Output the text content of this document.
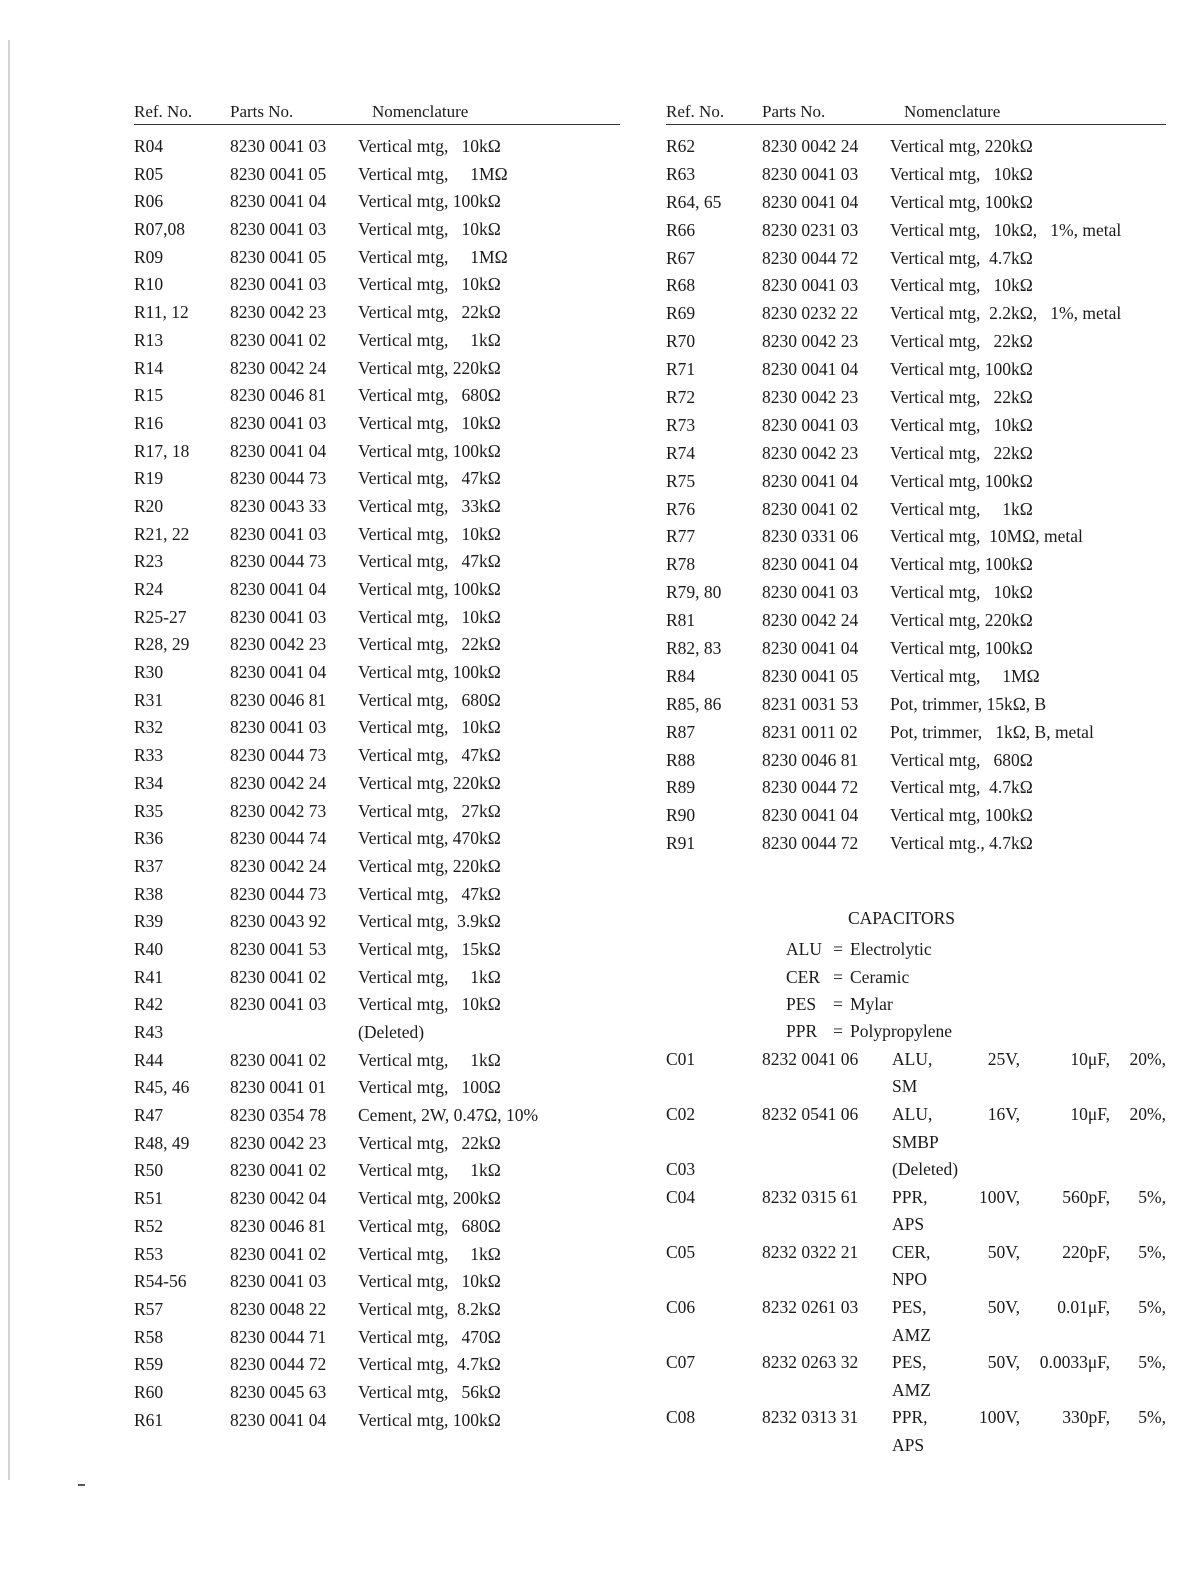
Ref. No.	Parts No.	Nomenclature
R04	8230 0041 03	Vertical mtg,   10kΩ
R05	8230 0041 05	Vertical mtg,     1MΩ
R06	8230 0041 04	Vertical mtg, 100kΩ
R07,08	8230 0041 03	Vertical mtg,   10kΩ
R09	8230 0041 05	Vertical mtg,     1MΩ
R10	8230 0041 03	Vertical mtg,   10kΩ
R11, 12	8230 0042 23	Vertical mtg,   22kΩ
R13	8230 0041 02	Vertical mtg,     1kΩ
R14	8230 0042 24	Vertical mtg, 220kΩ
R15	8230 0046 81	Vertical mtg,   680Ω
R16	8230 0041 03	Vertical mtg,   10kΩ
R17, 18	8230 0041 04	Vertical mtg, 100kΩ
R19	8230 0044 73	Vertical mtg,   47kΩ
R20	8230 0043 33	Vertical mtg,   33kΩ
R21, 22	8230 0041 03	Vertical mtg,   10kΩ
R23	8230 0044 73	Vertical mtg,   47kΩ
R24	8230 0041 04	Vertical mtg, 100kΩ
R25-27	8230 0041 03	Vertical mtg,   10kΩ
R28, 29	8230 0042 23	Vertical mtg,   22kΩ
R30	8230 0041 04	Vertical mtg, 100kΩ
R31	8230 0046 81	Vertical mtg,   680Ω
R32	8230 0041 03	Vertical mtg,   10kΩ
R33	8230 0044 73	Vertical mtg,   47kΩ
R34	8230 0042 24	Vertical mtg, 220kΩ
R35	8230 0042 73	Vertical mtg,   27kΩ
R36	8230 0044 74	Vertical mtg, 470kΩ
R37	8230 0042 24	Vertical mtg, 220kΩ
R38	8230 0044 73	Vertical mtg,   47kΩ
R39	8230 0043 92	Vertical mtg,  3.9kΩ
R40	8230 0041 53	Vertical mtg,   15kΩ
R41	8230 0041 02	Vertical mtg,     1kΩ
R42	8230 0041 03	Vertical mtg,   10kΩ
R43	(Deleted)
R44	8230 0041 02	Vertical mtg,     1kΩ
R45, 46	8230 0041 01	Vertical mtg,   100Ω
R47	8230 0354 78	Cement, 2W, 0.47Ω, 10%
R48, 49	8230 0042 23	Vertical mtg,   22kΩ
R50	8230 0041 02	Vertical mtg,     1kΩ
R51	8230 0042 04	Vertical mtg, 200kΩ
R52	8230 0046 81	Vertical mtg,   680Ω
R53	8230 0041 02	Vertical mtg,     1kΩ
R54-56	8230 0041 03	Vertical mtg,   10kΩ
R57	8230 0048 22	Vertical mtg,  8.2kΩ
R58	8230 0044 71	Vertical mtg,   470Ω
R59	8230 0044 72	Vertical mtg,  4.7kΩ
R60	8230 0045 63	Vertical mtg,   56kΩ
R61	8230 0041 04	Vertical mtg, 100kΩ
Ref. No.	Parts No.	Nomenclature
R62	8230 0042 24	Vertical mtg, 220kΩ
R63	8230 0041 03	Vertical mtg,   10kΩ
R64, 65	8230 0041 04	Vertical mtg, 100kΩ
R66	8230 0231 03	Vertical mtg,   10kΩ,   1%, metal
R67	8230 0044 72	Vertical mtg,  4.7kΩ
R68	8230 0041 03	Vertical mtg,   10kΩ
R69	8230 0232 22	Vertical mtg,  2.2kΩ,   1%, metal
R70	8230 0042 23	Vertical mtg,   22kΩ
R71	8230 0041 04	Vertical mtg, 100kΩ
R72	8230 0042 23	Vertical mtg,   22kΩ
R73	8230 0041 03	Vertical mtg,   10kΩ
R74	8230 0042 23	Vertical mtg,   22kΩ
R75	8230 0041 04	Vertical mtg, 100kΩ
R76	8230 0041 02	Vertical mtg,     1kΩ
R77	8230 0331 06	Vertical mtg,  10MΩ, metal
R78	8230 0041 04	Vertical mtg, 100kΩ
R79, 80	8230 0041 03	Vertical mtg,   10kΩ
R81	8230 0042 24	Vertical mtg, 220kΩ
R82, 83	8230 0041 04	Vertical mtg, 100kΩ
R84	8230 0041 05	Vertical mtg,     1MΩ
R85, 86	8231 0031 53	Pot, trimmer, 15kΩ, B
R87	8231 0011 02	Pot, trimmer,   1kΩ, B, metal
R88	8230 0046 81	Vertical mtg,   680Ω
R89	8230 0044 72	Vertical mtg,  4.7kΩ
R90	8230 0041 04	Vertical mtg, 100kΩ
R91	8230 0044 72	Vertical mtg., 4.7kΩ
CAPACITORS
ALU = Electrolytic
CER = Ceramic
PES = Mylar
PPR = Polypropylene
C01	8232 0041 06	ALU,	25V,	10μF,	20%,
SM
C02	8232 0541 06	ALU,	16V,	10μF,	20%,
SMBP
C03	(Deleted)
C04	8232 0315 61	PPR,	100V,	560pF,	5%,
APS
C05	8232 0322 21	CER,	50V,	220pF,	5%,
NPO
C06	8232 0261 03	PES,	50V,	0.01μF,	5%,
AMZ
C07	8232 0263 32	PES,	50V,	0.0033μF,	5%,
AMZ
C08	8232 0313 31	PPR,	100V,	330pF,	5%,
APS
